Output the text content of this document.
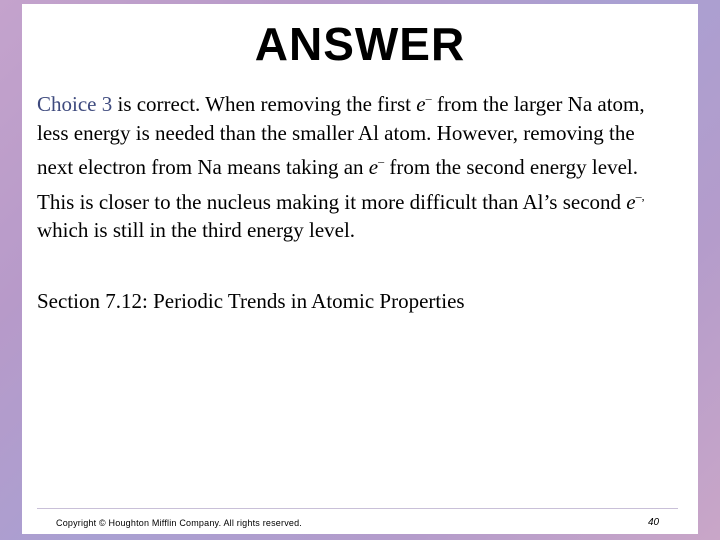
ANSWER
Choice 3 is correct. When removing the first e– from the larger Na atom, less energy is needed than the smaller Al atom. However, removing the next electron from Na means taking an e– from the second energy level. This is closer to the nucleus making it more difficult than Al’s second e–, which is still in the third energy level.
Section 7.12: Periodic Trends in Atomic Properties
Copyright © Houghton Mifflin Company. All rights reserved.	40
